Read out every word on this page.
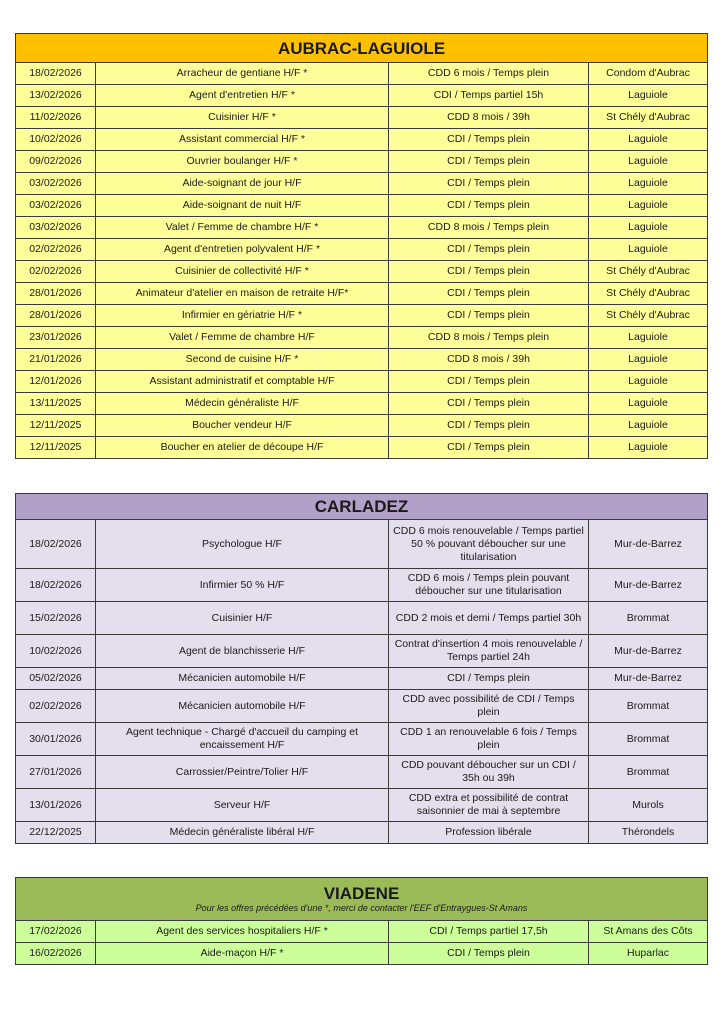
AUBRAC-LAGUIOLE			
18/02/2026	Arracheur de gentiane H/F *	CDD 6 mois / Temps plein	Condom d'Aubrac
13/02/2026	Agent d'entretien H/F *	CDI / Temps partiel 15h	Laguiole
11/02/2026	Cuisinier H/F *	CDD 8 mois / 39h	St Chély d'Aubrac
10/02/2026	Assistant commercial H/F *	CDI / Temps plein	Laguiole
09/02/2026	Ouvrier boulanger H/F *	CDI / Temps plein	Laguiole
03/02/2026	Aide-soignant de jour H/F	CDI / Temps plein	Laguiole
03/02/2026	Aide-soignant de nuit H/F	CDI / Temps plein	Laguiole
03/02/2026	Valet / Femme de chambre H/F *	CDD 8 mois / Temps plein	Laguiole
02/02/2026	Agent d'entretien polyvalent H/F *	CDI / Temps plein	Laguiole
02/02/2026	Cuisinier de collectivité H/F *	CDI / Temps plein	St Chély d'Aubrac
28/01/2026	Animateur d'atelier en maison de retraite H/F*	CDI / Temps plein	St Chély d'Aubrac
28/01/2026	Infirmier en gériatrie H/F *	CDI / Temps plein	St Chély d'Aubrac
23/01/2026	Valet / Femme de chambre H/F	CDD 8 mois / Temps plein	Laguiole
21/01/2026	Second de cuisine H/F *	CDD 8 mois / 39h	Laguiole
12/01/2026	Assistant administratif et comptable H/F	CDI / Temps plein	Laguiole
13/11/2025	Médecin généraliste H/F	CDI / Temps plein	Laguiole
12/11/2025	Boucher vendeur H/F	CDI / Temps plein	Laguiole
12/11/2025	Boucher en atelier de découpe H/F	CDI / Temps plein	Laguiole
CARLADEZ			
18/02/2026	Psychologue H/F	CDD 6 mois renouvelable / Temps partiel 50 % pouvant déboucher sur une titularisation	Mur-de-Barrez
18/02/2026	Infirmier 50 % H/F	CDD 6 mois / Temps plein pouvant déboucher sur une titularisation	Mur-de-Barrez
15/02/2026	Cuisinier H/F	CDD 2 mois et demi / Temps partiel 30h	Brommat
10/02/2026	Agent de blanchisserie H/F	Contrat d'insertion 4 mois renouvelable / Temps partiel 24h	Mur-de-Barrez
05/02/2026	Mécanicien automobile H/F	CDI / Temps plein	Mur-de-Barrez
02/02/2026	Mécanicien automobile H/F	CDD avec possibilité de CDI / Temps plein	Brommat
30/01/2026	Agent technique - Chargé d'accueil du camping et encaissement H/F	CDD 1 an renouvelable 6 fois / Temps plein	Brommat
27/01/2026	Carrossier/Peintre/Tolier H/F	CDD pouvant déboucher sur un CDI / 35h ou 39h	Brommat
13/01/2026	Serveur H/F	CDD extra et possibilité de contrat saisonnier de mai à septembre	Murols
22/12/2025	Médecin généraliste libéral H/F	Profession libérale	Thérondels
VIADENE
Pour les offres précédées d'une *, merci de contacter l'EEF d'Entraygues-St Amans			

17/02/2026	Agent des services hospitaliers H/F *	CDI / Temps partiel 17,5h	St Amans des Côts
16/02/2026	Aide-maçon H/F *	CDI / Temps plein	Huparlac
